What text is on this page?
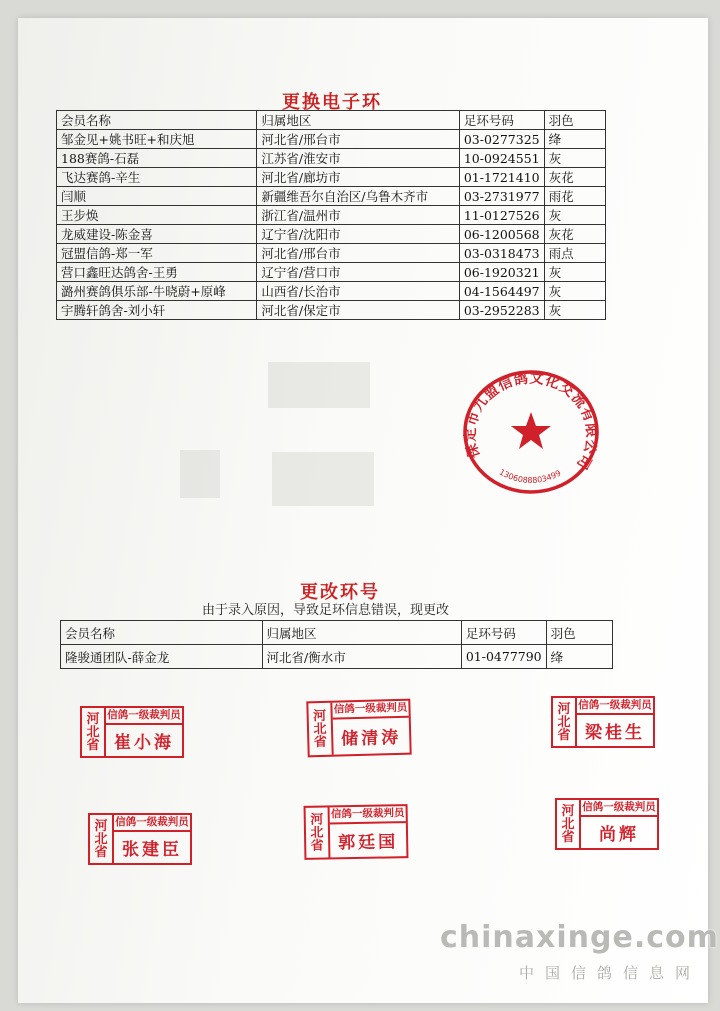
更换电子环
会员名称	归属地区	足环号码	羽色
邹金见+姚书旺+和庆旭	河北省/邢台市	03-0277325	绛
188赛鸽-石磊	江苏省/淮安市	10-0924551	灰
飞达赛鸽-辛生	河北省/廊坊市	01-1721410	灰花
闫顺	新疆维吾尔自治区/乌鲁木齐市	03-2731977	雨花
王步焕	浙江省/温州市	11-0127526	灰
龙威建设-陈金喜	辽宁省/沈阳市	06-1200568	灰花
冠盟信鸽-郑一军	河北省/邢台市	03-0318473	雨点
营口鑫旺达鸽舍-王勇	辽宁省/营口市	06-1920321	灰
潞州赛鸽俱乐部-牛晓蔚+原峰	山西省/长治市	04-1564497	灰
宇腾轩鸽舍-刘小轩	河北省/保定市	03-2952283	灰
保定市九盟信鸽文化交流有限公司
1306088803499
更改环号
由于录入原因，导致足环信息错误，现更改
会员名称	归属地区	足环号码	羽色
隆骏通团队-薛金龙	河北省/衡水市	01-0477790	绛
河北省
信鸽一级裁判员
崔小海
河北省
信鸽一级裁判员
储清涛
河北省
信鸽一级裁判员
梁桂生
河北省
信鸽一级裁判员
张建臣
河北省
信鸽一级裁判员
郭廷国
河北省
信鸽一级裁判员
尚辉
chinaxinge.com
中国信鸽信息网
